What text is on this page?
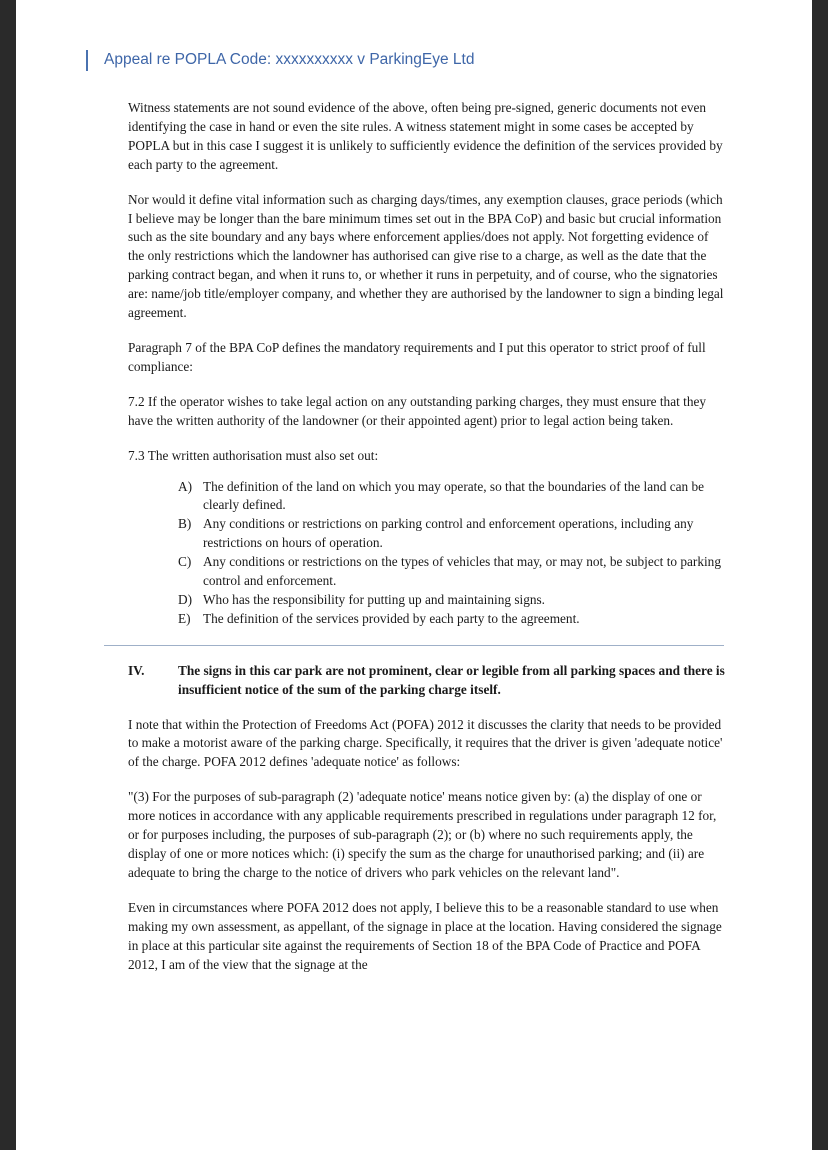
Appeal re POPLA Code: xxxxxxxxxx v ParkingEye Ltd

Witness statements are not sound evidence of the above, often being pre-signed, generic documents not even identifying the case in hand or even the site rules. A witness statement might in some cases be accepted by POPLA but in this case I suggest it is unlikely to sufficiently evidence the definition of the services provided by each party to the agreement.

Nor would it define vital information such as charging days/times, any exemption clauses, grace periods (which I believe may be longer than the bare minimum times set out in the BPA CoP) and basic but crucial information such as the site boundary and any bays where enforcement applies/does not apply. Not forgetting evidence of the only restrictions which the landowner has authorised can give rise to a charge, as well as the date that the parking contract began, and when it runs to, or whether it runs in perpetuity, and of course, who the signatories are: name/job title/employer company, and whether they are authorised by the landowner to sign a binding legal agreement.

Paragraph 7 of the BPA CoP defines the mandatory requirements and I put this operator to strict proof of full compliance:

7.2 If the operator wishes to take legal action on any outstanding parking charges, they must ensure that they have the written authority of the landowner (or their appointed agent) prior to legal action being taken.

7.3 The written authorisation must also set out:

A) The definition of the land on which you may operate, so that the boundaries of the land can be clearly defined.
B) Any conditions or restrictions on parking control and enforcement operations, including any restrictions on hours of operation.
C) Any conditions or restrictions on the types of vehicles that may, or may not, be subject to parking control and enforcement.
D) Who has the responsibility for putting up and maintaining signs.
E) The definition of the services provided by each party to the agreement.
IV.	The signs in this car park are not prominent, clear or legible from all parking spaces and there is insufficient notice of the sum of the parking charge itself.

I note that within the Protection of Freedoms Act (POFA) 2012 it discusses the clarity that needs to be provided to make a motorist aware of the parking charge. Specifically, it requires that the driver is given 'adequate notice' of the charge. POFA 2012 defines 'adequate notice' as follows:

"(3) For the purposes of sub-paragraph (2) 'adequate notice' means notice given by: (a) the display of one or more notices in accordance with any applicable requirements prescribed in regulations under paragraph 12 for, or for purposes including, the purposes of sub-paragraph (2); or (b) where no such requirements apply, the display of one or more notices which: (i) specify the sum as the charge for unauthorised parking; and (ii) are adequate to bring the charge to the notice of drivers who park vehicles on the relevant land".

Even in circumstances where POFA 2012 does not apply, I believe this to be a reasonable standard to use when making my own assessment, as appellant, of the signage in place at the location. Having considered the signage in place at this particular site against the requirements of Section 18 of the BPA Code of Practice and POFA 2012, I am of the view that the signage at the
